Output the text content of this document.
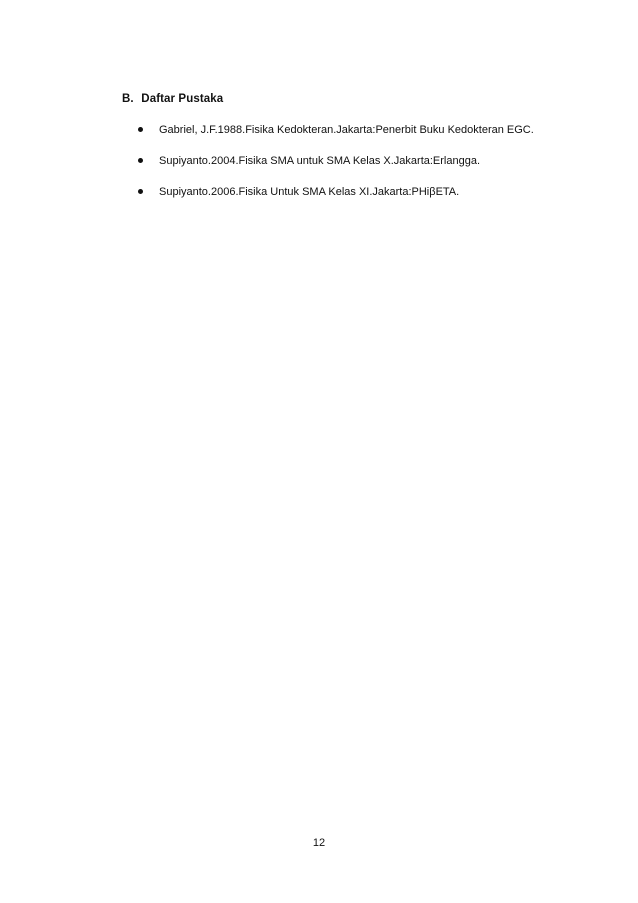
B. Daftar Pustaka
Gabriel, J.F.1988.Fisika Kedokteran.Jakarta:Penerbit Buku Kedokteran EGC.
Supiyanto.2004.Fisika SMA untuk SMA Kelas X.Jakarta:Erlangga.
Supiyanto.2006.Fisika Untuk SMA Kelas XI.Jakarta:PHiβETA.
12
